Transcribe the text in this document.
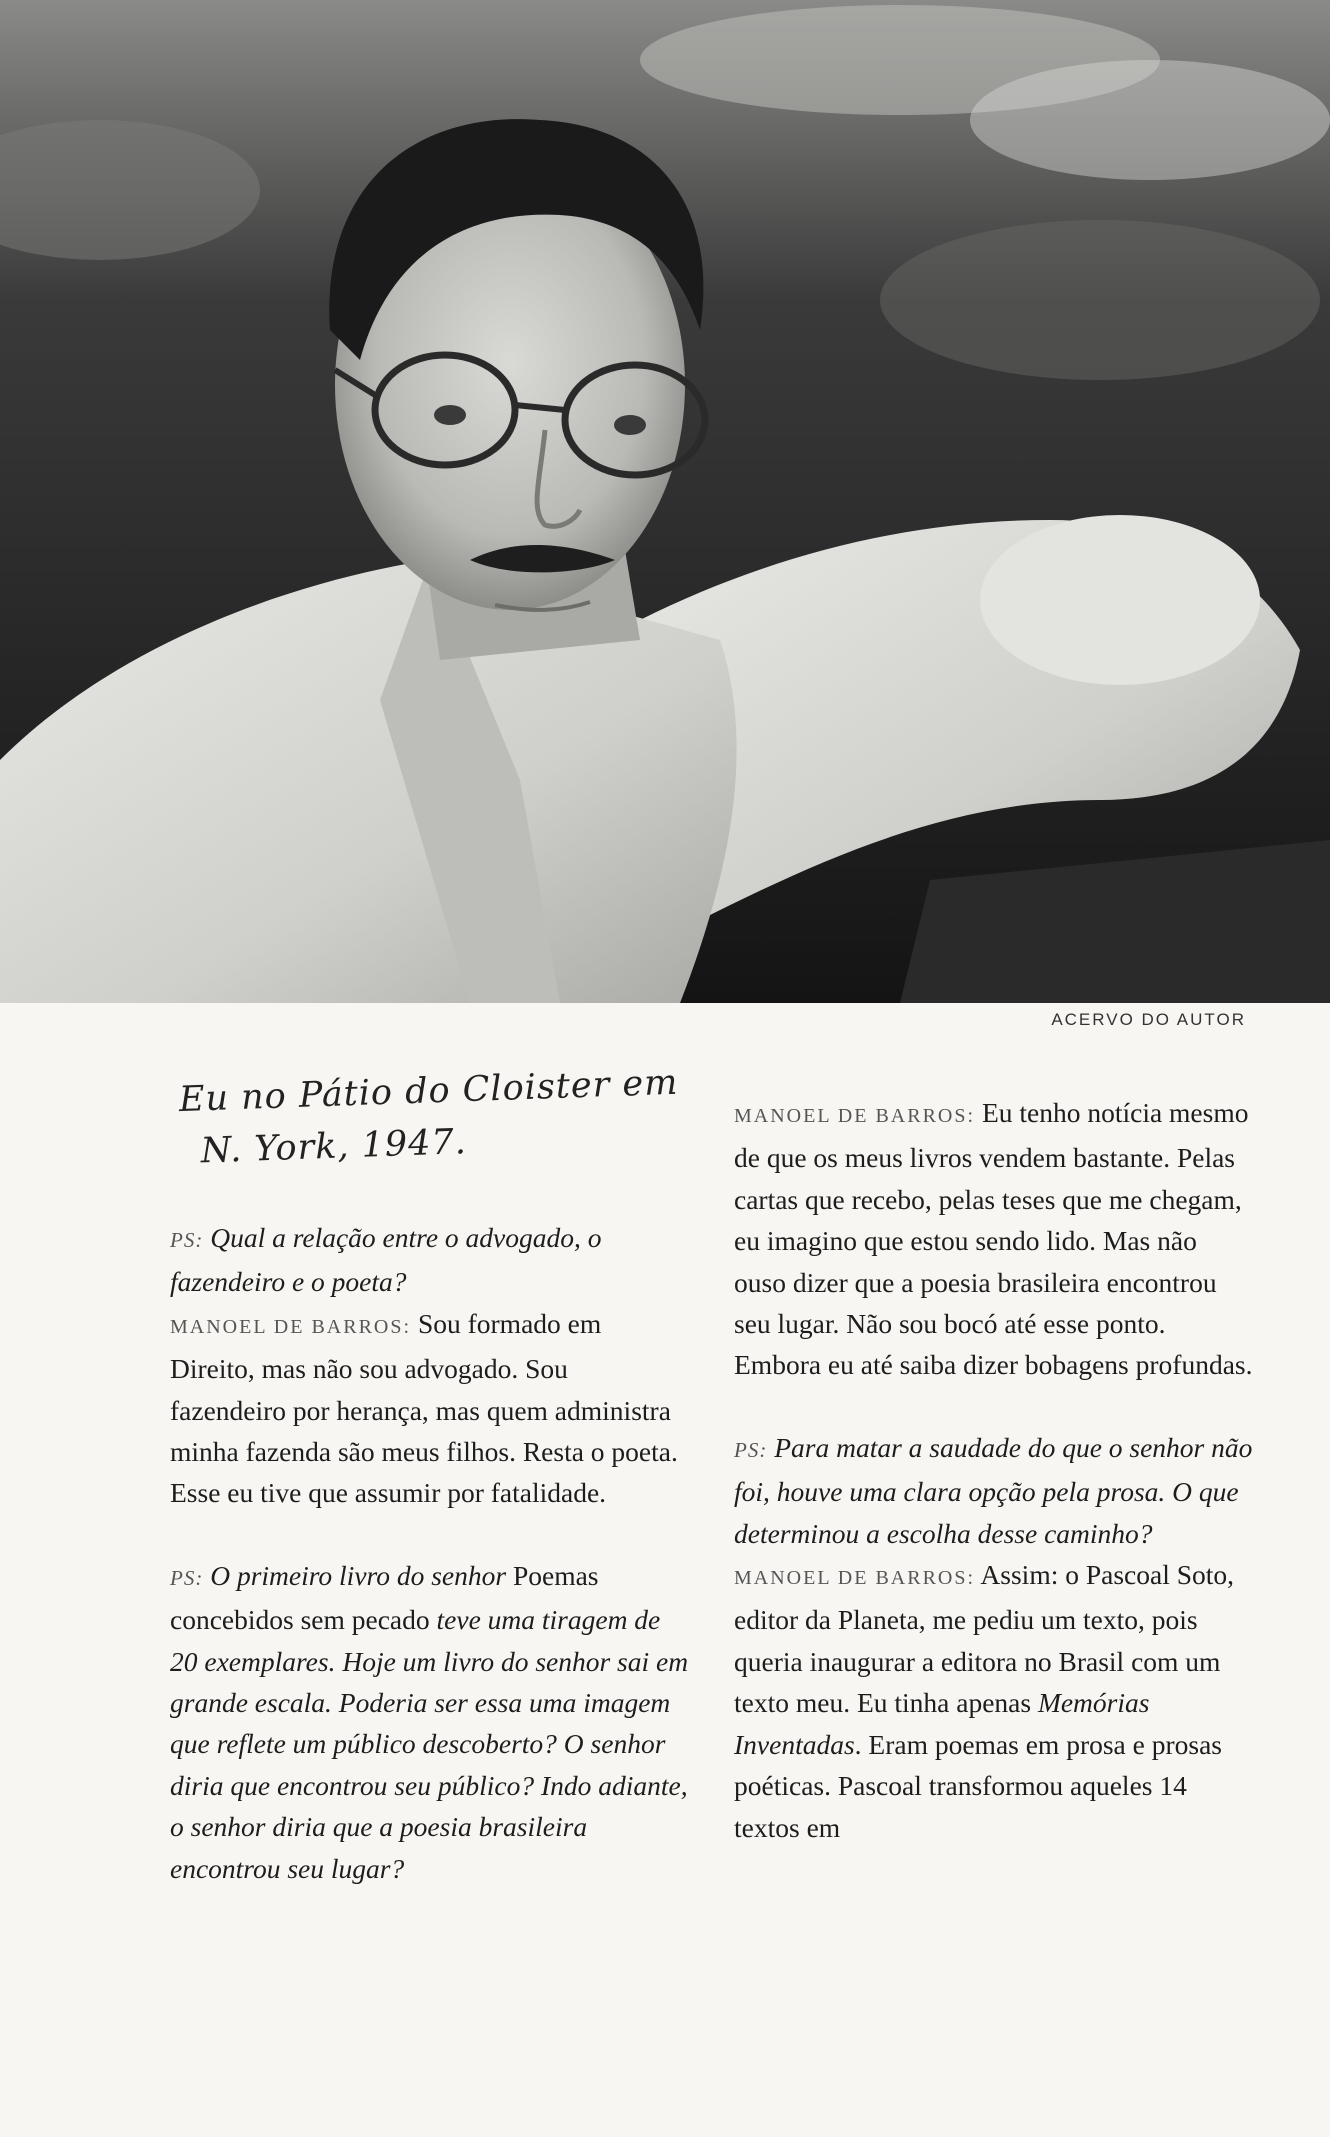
ACERVO DO AUTOR
Eu no Pátio do Cloister em
N. York, 1947.

PS: Qual a relação entre o advogado, o fazendeiro e o poeta?

MANOEL DE BARROS: Sou formado em Direito, mas não sou advogado. Sou fazendeiro por herança, mas quem administra minha fazenda são meus filhos. Resta o poeta. Esse eu tive que assumir por fatalidade.

PS: O primeiro livro do senhor Poemas concebidos sem pecado teve uma tiragem de 20 exemplares. Hoje um livro do senhor sai em grande escala. Poderia ser essa uma imagem que reflete um público descoberto? O senhor diria que encontrou seu público? Indo adiante, o senhor diria que a poesia brasileira encontrou seu lugar?

MANOEL DE BARROS: Eu tenho notícia mesmo de que os meus livros vendem bastante. Pelas cartas que recebo, pelas teses que me chegam, eu imagino que estou sendo lido. Mas não ouso dizer que a poesia brasileira encontrou seu lugar. Não sou bocó até esse ponto. Embora eu até saiba dizer bobagens profundas.

PS: Para matar a saudade do que o senhor não foi, houve uma clara opção pela prosa. O que determinou a escolha desse caminho?

MANOEL DE BARROS: Assim: o Pascoal Soto, editor da Planeta, me pediu um texto, pois queria inaugurar a editora no Brasil com um texto meu. Eu tinha apenas Memórias Inventadas. Eram poemas em prosa e prosas poéticas. Pascoal transformou aqueles 14 textos em
